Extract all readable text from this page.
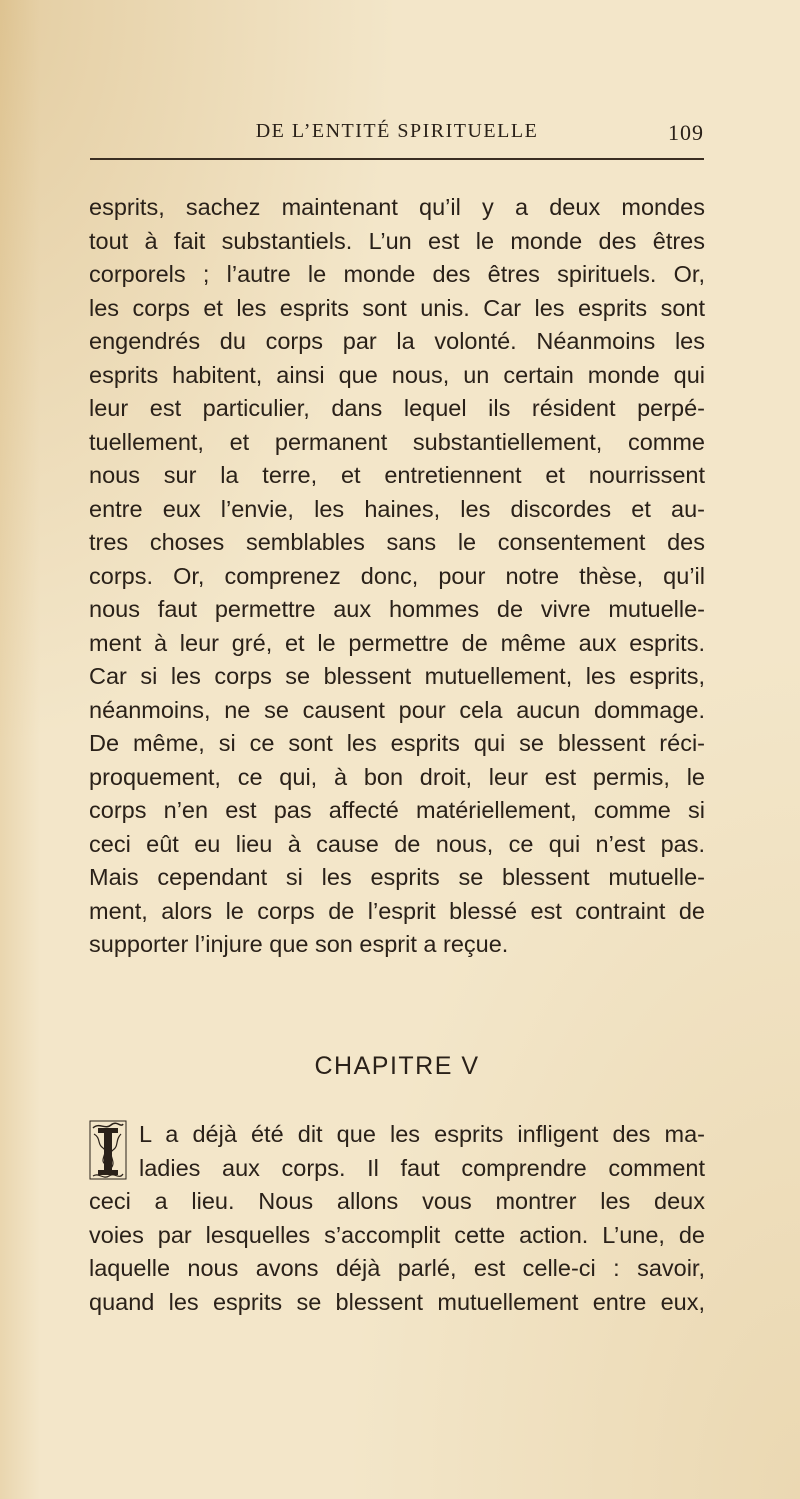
DE L’ENTITÉ SPIRITUELLE	109
esprits, sachez maintenant qu’il y a deux mondes
tout à fait substantiels. L’un est le monde des êtres
corporels ; l’autre le monde des êtres spirituels. Or,
les corps et les esprits sont unis. Car les esprits sont
engendrés du corps par la volonté. Néanmoins les
esprits habitent, ainsi que nous, un certain monde qui
leur est particulier, dans lequel ils résident perpé-
tuellement, et permanent substantiellement, comme
nous sur la terre, et entretiennent et nourrissent
entre eux l’envie, les haines, les discordes et au-
tres choses semblables sans le consentement des
corps. Or, comprenez donc, pour notre thèse, qu’il
nous faut permettre aux hommes de vivre mutuelle-
ment à leur gré, et le permettre de même aux esprits.
Car si les corps se blessent mutuellement, les esprits,
néanmoins, ne se causent pour cela aucun dommage.
De même, si ce sont les esprits qui se blessent réci-
proquement, ce qui, à bon droit, leur est permis, le
corps n’en est pas affecté matériellement, comme si
ceci eût eu lieu à cause de nous, ce qui n’est pas.
Mais cependant si les esprits se blessent mutuelle-
ment, alors le corps de l’esprit blessé est contraint de
supporter l’injure que son esprit a reçue.
CHAPITRE V
L a déjà été dit que les esprits infligent des ma-
ladies aux corps. Il faut comprendre comment
ceci a lieu. Nous allons vous montrer les deux
voies par lesquelles s’accomplit cette action. L’une, de
laquelle nous avons déjà parlé, est celle-ci : savoir,
quand les esprits se blessent mutuellement entre eux,
